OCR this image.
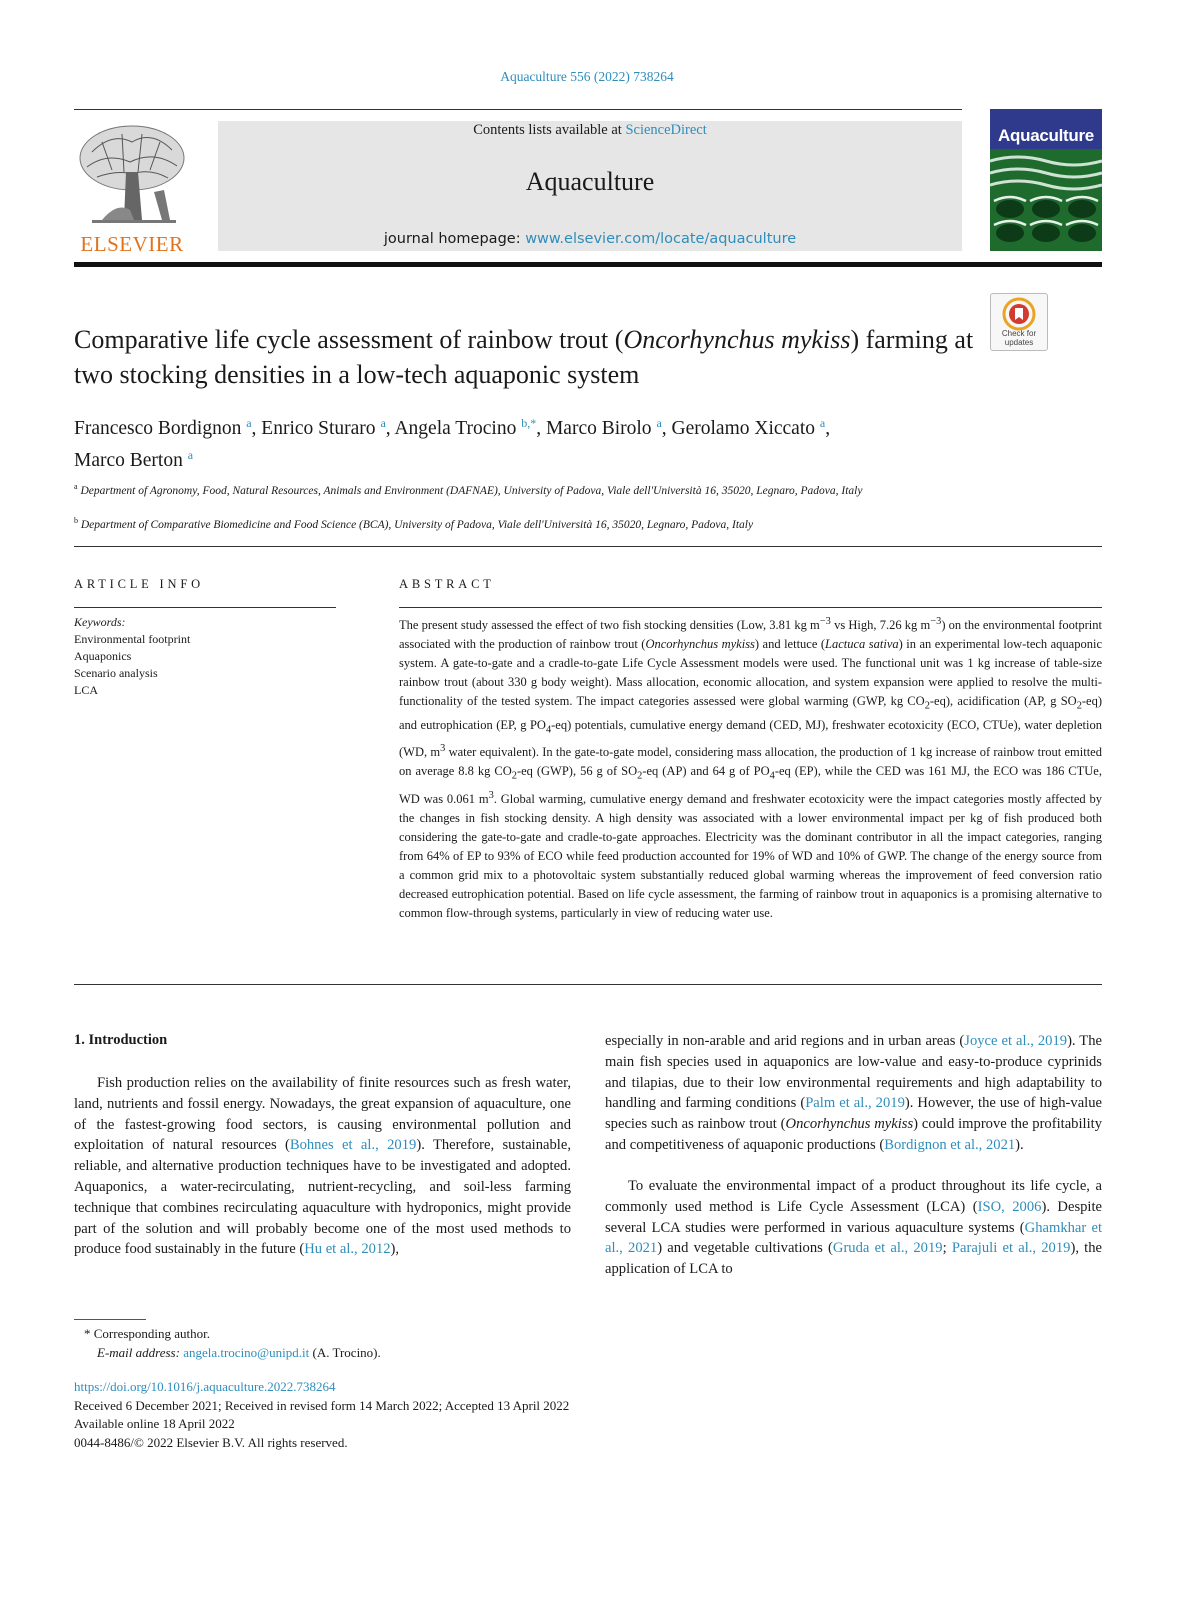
Aquaculture 556 (2022) 738264
ELSEVIER
Contents lists available at ScienceDirect
Aquaculture
journal homepage: www.elsevier.com/locate/aquaculture
Aquaculture
Check for updates
Comparative life cycle assessment of rainbow trout (Oncorhynchus mykiss) farming at two stocking densities in a low-tech aquaponic system
Francesco Bordignon $^a$, Enrico Sturaro $^a$, Angela Trocino $^{b,*}$, Marco Birolo $^a$, Gerolamo Xiccato $^a$,
Marco Berton $^a$
$^a$ Department of Agronomy, Food, Natural Resources, Animals and Environment (DAFNAE), University of Padova, Viale dell'Università 16, 35020, Legnaro, Padova, Italy
$^b$ Department of Comparative Biomedicine and Food Science (BCA), University of Padova, Viale dell'Università 16, 35020, Legnaro, Padova, Italy
ARTICLE INFO
Keywords:
Environmental footprint
Aquaponics
Scenario analysis
LCA
ABSTRACT
The present study assessed the effect of two fish stocking densities (Low, 3.81 kg $m^{-3}$ vs High, 7.26 kg $m^{-3}$) on the environmental footprint associated with the production of rainbow trout (Oncorhynchus mykiss) and lettuce (Lactuca sativa) in an experimental low-tech aquaponic system. A gate-to-gate and a cradle-to-gate Life Cycle Assessment models were used. The functional unit was 1 kg increase of table-size rainbow trout (about 330 g body weight). Mass allocation, economic allocation, and system expansion were applied to resolve the multi-functionality of the tested system. The impact categories assessed were global warming (GWP, kg $CO_2-eq$), acidification (AP, g $SO_2-eq$) and eutrophication (EP, g $PO_4-eq$) potentials, cumulative energy demand (CED, MJ), freshwater ecotoxicity (ECO, CTUe), water depletion (WD, $m^3$ water equivalent). In the gate-to-gate model, considering mass allocation, the production of 1 kg increase of rainbow trout emitted on average 8.8 kg $CO_2-eq$ (GWP), 56 g of $SO_2-eq$ (AP) and 64 g of $PO_4-eq$ (EP), while the CED was 161 MJ, the ECO was 186 CTUe, WD was 0.061 $m^3$. Global warming, cumulative energy demand and freshwater ecotoxicity were the impact categories mostly affected by the changes in fish stocking density. A high density was associated with a lower environmental impact per kg of fish produced both considering the gate-to-gate and cradle-to-gate approaches. Electricity was the dominant contributor in all the impact categories, ranging from 64% of EP to 93% of ECO while feed production accounted for 19% of WD and 10% of GWP. The change of the energy source from a common grid mix to a photovoltaic system substantially reduced global warming whereas the improvement of feed conversion ratio decreased eutrophication potential. Based on life cycle assessment, the farming of rainbow trout in aquaponics is a promising alternative to common flow-through systems, particularly in view of reducing water use.
1. Introduction
Fish production relies on the availability of finite resources such as fresh water, land, nutrients and fossil energy. Nowadays, the great expansion of aquaculture, one of the fastest-growing food sectors, is causing environmental pollution and exploitation of natural resources (Bohnes et al., 2019). Therefore, sustainable, reliable, and alternative production techniques have to be investigated and adopted. Aquaponics, a water-recirculating, nutrient-recycling, and soil-less farming technique that combines recirculating aquaculture with hydroponics, might provide part of the solution and will probably become one of the most used methods to produce food sustainably in the future (Hu et al., 2012),
especially in non-arable and arid regions and in urban areas (Joyce et al., 2019). The main fish species used in aquaponics are low-value and easy-to-produce cyprinids and tilapias, due to their low environmental requirements and high adaptability to handling and farming conditions (Palm et al., 2019). However, the use of high-value species such as rainbow trout (Oncorhynchus mykiss) could improve the profitability and competitiveness of aquaponic productions (Bordignon et al., 2021).
To evaluate the environmental impact of a product throughout its life cycle, a commonly used method is Life Cycle Assessment (LCA) (ISO, 2006). Despite several LCA studies were performed in various aquaculture systems (Ghamkhar et al., 2021) and vegetable cultivations (Gruda et al., 2019; Parajuli et al., 2019), the application of LCA to
* Corresponding author.
E-mail address: angela.trocino@unipd.it (A. Trocino).
https://doi.org/10.1016/j.aquaculture.2022.738264
Received 6 December 2021; Received in revised form 14 March 2022; Accepted 13 April 2022
Available online 18 April 2022
0044-8486/© 2022 Elsevier B.V. All rights reserved.
